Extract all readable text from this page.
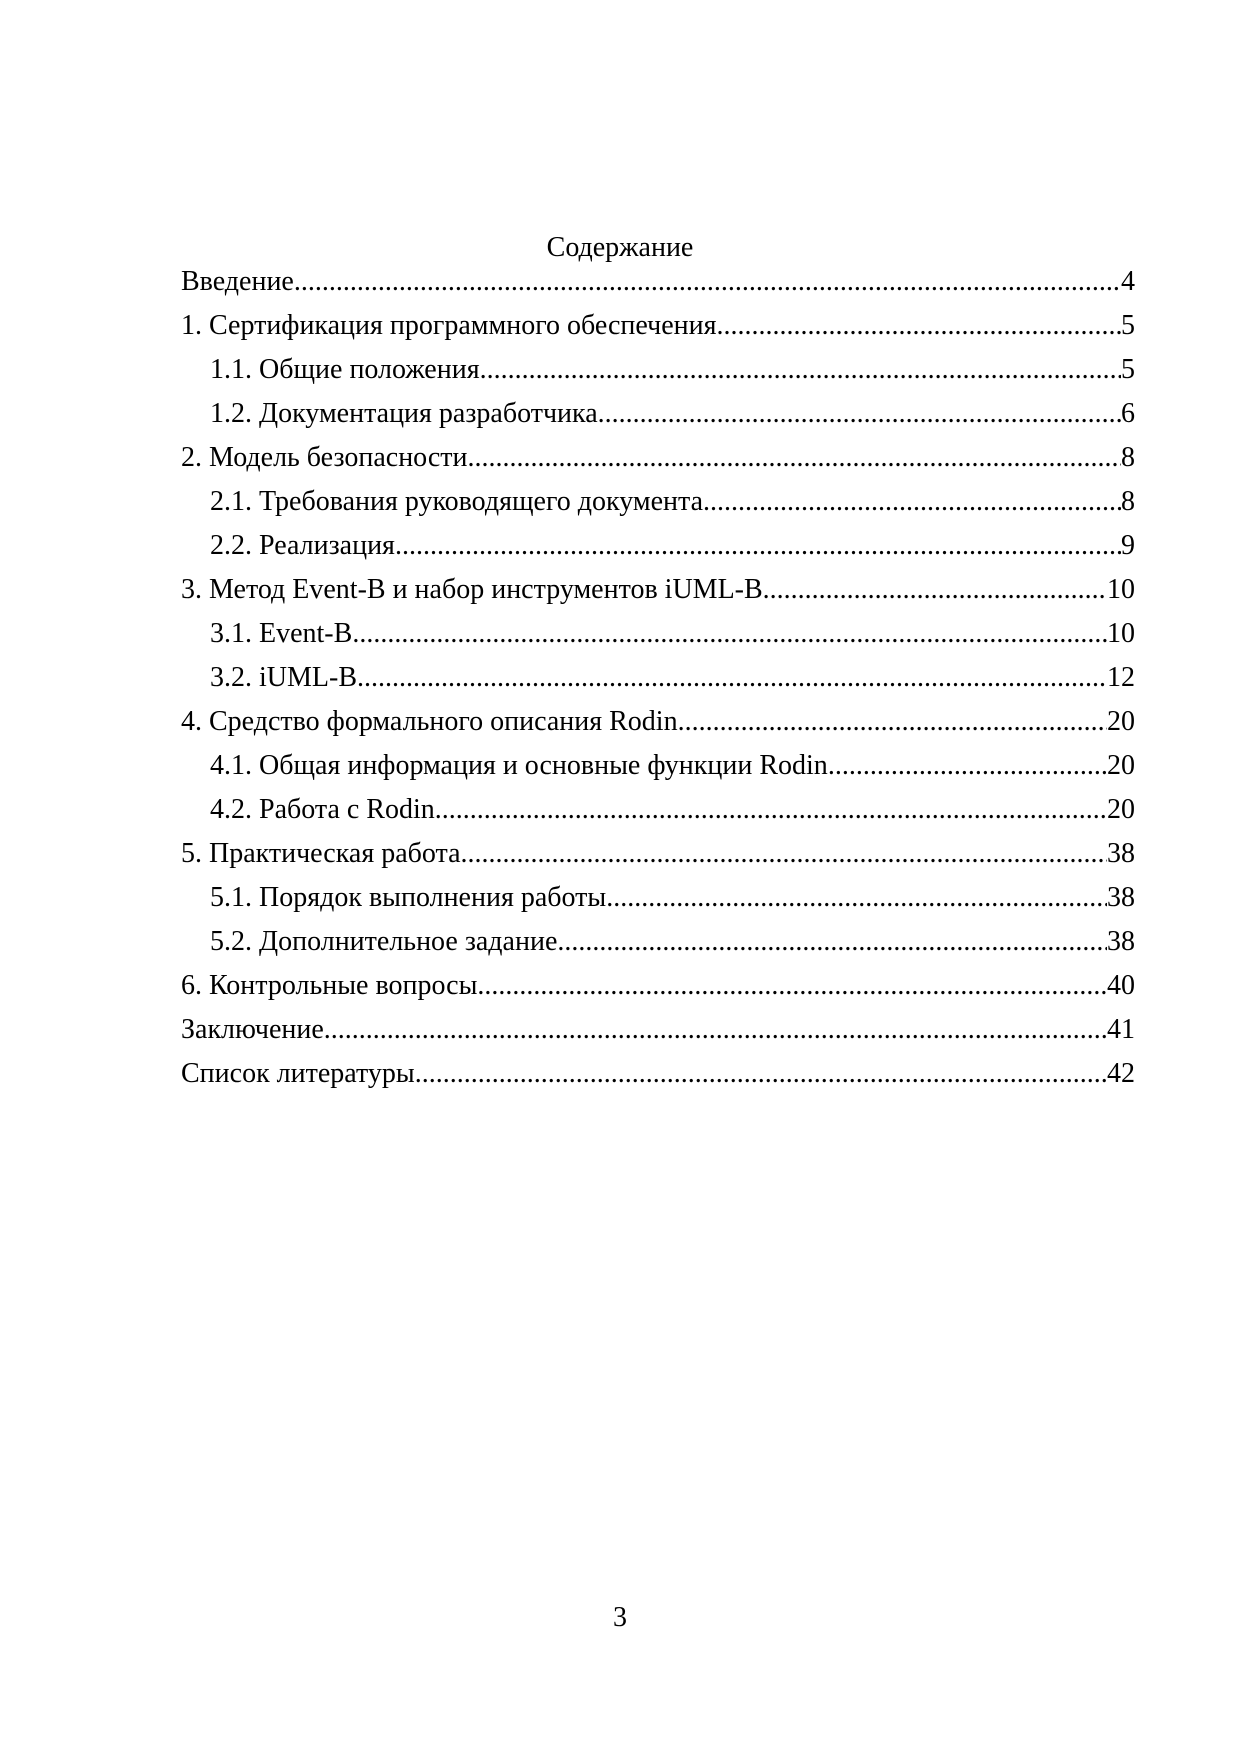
Содержание
Введение .....	4
1. Сертификация программного обеспечения .....	5
1.1. Общие положения .....	5
1.2. Документация разработчика .....	6
2. Модель безопасности .....	8
2.1. Требования руководящего документа .....	8
2.2. Реализация .....	9
3. Метод Event-B и набор инструментов iUML-B .....	10
3.1. Event-B .....	10
3.2. iUML-B .....	12
4. Средство формального описания Rodin .....	20
4.1. Общая информация и основные функции Rodin .....	20
4.2. Работа с Rodin .....	20
5. Практическая работа .....	38
5.1. Порядок выполнения работы .....	38
5.2. Дополнительное задание .....	38
6. Контрольные вопросы .....	40
Заключение .....	41
Список литературы .....	42
3
